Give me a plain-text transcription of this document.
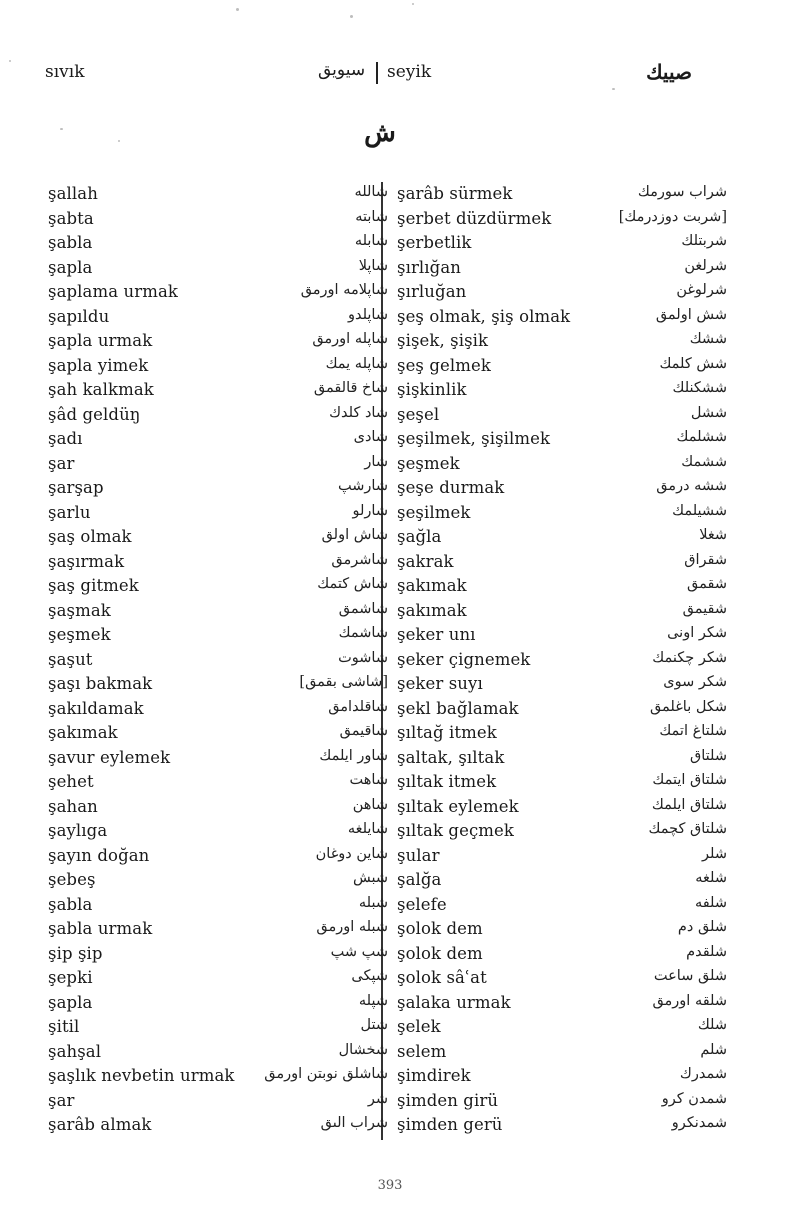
sıvık	سيويق seyik	صييك
ش
şallah	شالله
şabta	شابته
şabla	شابله
şapla	شاپلا
şaplama urmak	شاپلامه اورمق
şapıldu	شاپلدو
şapla urmak	شاپله اورمق
şapla yimek	شاپله يمك
şah kalkmak	شاخ قالقمق
şâd geldüŋ	شاد كلدك
şadı	شادى
şar	شار
şarşap	شارشپ
şarlu	شارلو
şaş olmak	شاش اولق
şaşırmak	شاشرمق
şaş gitmek	شاش كتمك
şaşmak	شاشمق
şeşmek	شاشمك
şaşut	شاشوت
şaşı bakmak	[شاشى بقمق]
şakıldamak	شاقلدامق
şakımak	شاقيمق
şavur eylemek	شاور ايلمك
şehet	شاهت
şahan	شاهن
şaylıga	شايلغه
şayın doğan	شاين دوغان
şebeş	شبش
şabla	شبله
şabla urmak	شبله اورمق
şip şip	شپ شپ
şepki	شپكى
şapla	شپله
şitil	شتل
şahşal	شخشال
şaşlık nevbetin urmak شاشلق نوبتن اورمق
şar	شر
şarâb almak	شراب الىق
şarâb sürmek	شراب سورمك
şerbet düzdürmek	[شربت دوزدرمك]
şerbetlik	شربتلك
şırlığan	شرلغن
şırluğan	شرلوغن
şeş olmak, şiş olmak	شش اولمق
şişek, şişik	ششك
şeş gelmek	شش كلمك
şişkinlik	ششكنلك
şeşel	ششل
şeşilmek, şişilmek	ششلمك
şeşmek	ششمك
şeşe durmak	ششه درمق
şeşilmek	ششيلمك
şağla	شغلا
şakrak	شقراق
şakımak	شقمق
şakımak	شقيمق
şeker unı	شكر اونى
şeker çignemek	شكر چكنمك
şeker suyı	شكر سوى
şekl bağlamak	شكل باغلمق
şıltağ itmek	شلتاغ اتمك
şaltak, şıltak	شلتاق
şıltak itmek	شلتاق ايتمك
şıltak eylemek	شلتاق ايلمك
şıltak geçmek	شلتاق كچمك
şular	شلر
şalğa	شلغه
şelefe	شلفه
şolok dem	شلق دم
şolok dem	شلقدم
şolok sâʿat	شلق ساعت
şalaka urmak	شلقه اورمق
şelek	شلك
selem	شلم
şimdirek	شمدرك
şimden girü	شمدن كرو
şimden gerü	شمدنكرو
393
